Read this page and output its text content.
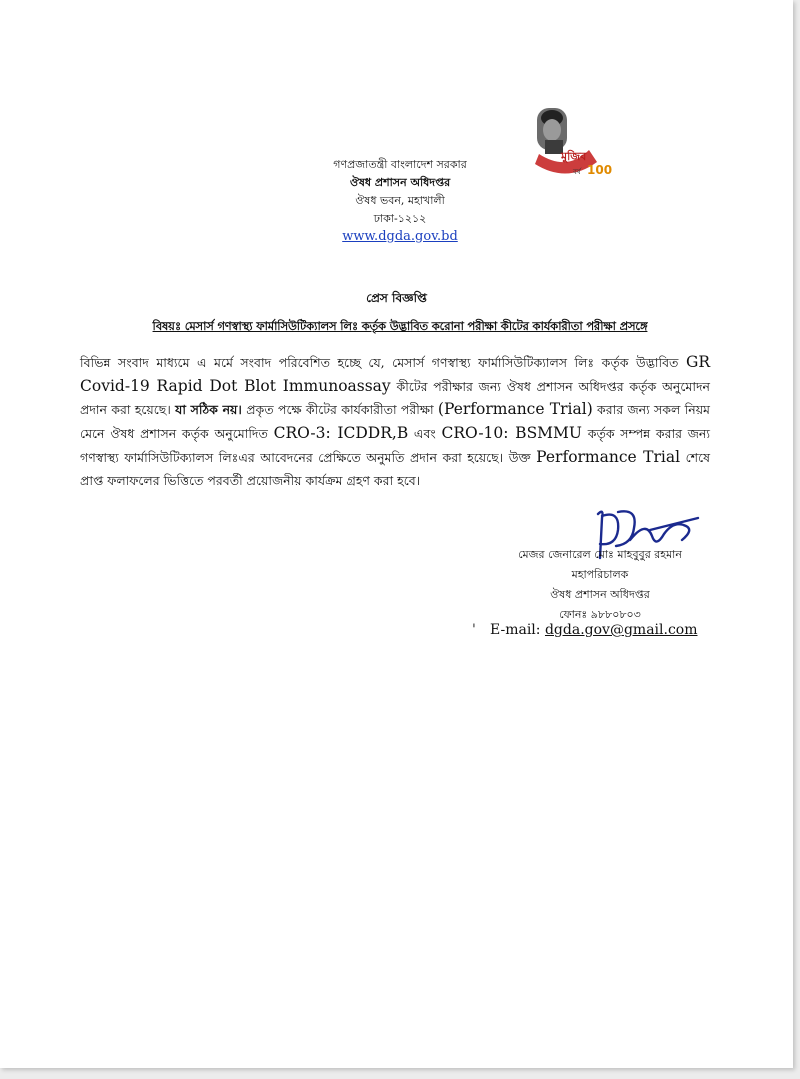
মুজিব
বর্ষ 100
গণপ্রজাতন্ত্রী বাংলাদেশ সরকার
ঔষধ প্রশাসন অধিদপ্তর
ঔষধ ভবন, মহাখালী
ঢাকা-১২১২
www.dgda.gov.bd
প্রেস বিজ্ঞপ্তি
বিষয়ঃ মেসার্স গণস্বাস্থ্য ফার্মাসিউটিক্যালস লিঃ কর্তৃক উদ্ভাবিত করোনা পরীক্ষা কীটের কার্যকারীতা পরীক্ষা প্রসঙ্গে
বিভিন্ন সংবাদ মাধ্যমে এ মর্মে সংবাদ পরিবেশিত হচ্ছে যে, মেসার্স গণস্বাস্থ্য ফার্মাসিউটিক্যালস লিঃ কর্তৃক উদ্ভাবিত GR Covid-19 Rapid Dot Blot Immunoassay কীটের পরীক্ষার জন্য ঔষধ প্রশাসন অধিদপ্তর কর্তৃক অনুমোদন প্রদান করা হয়েছে। যা সঠিক নয়। প্রকৃত পক্ষে কীটের কার্যকারীতা পরীক্ষা (Performance Trial) করার জন্য সকল নিয়ম মেনে ঔষধ প্রশাসন কর্তৃক অনুমোদিত CRO-3: ICDDR,B এবং CRO-10: BSMMU কর্তৃক সম্পন্ন করার জন্য গণস্বাস্থ্য ফার্মাসিউটিক্যালস লিঃএর আবেদনের প্রেক্ষিতে অনুমতি প্রদান করা হয়েছে। উক্ত Performance Trial শেষে প্রাপ্ত ফলাফলের ভিত্তিতে পরবর্তী প্রয়োজনীয় কার্যক্রম গ্রহণ করা হবে।
মেজর জেনারেল মোঃ মাহবুবুর রহমান
মহাপরিচালক
ঔষধ প্রশাসন অধিদপ্তর
ফোনঃ ৯৮৮০৮০৩
' E-mail: dgda.gov@gmail.com
